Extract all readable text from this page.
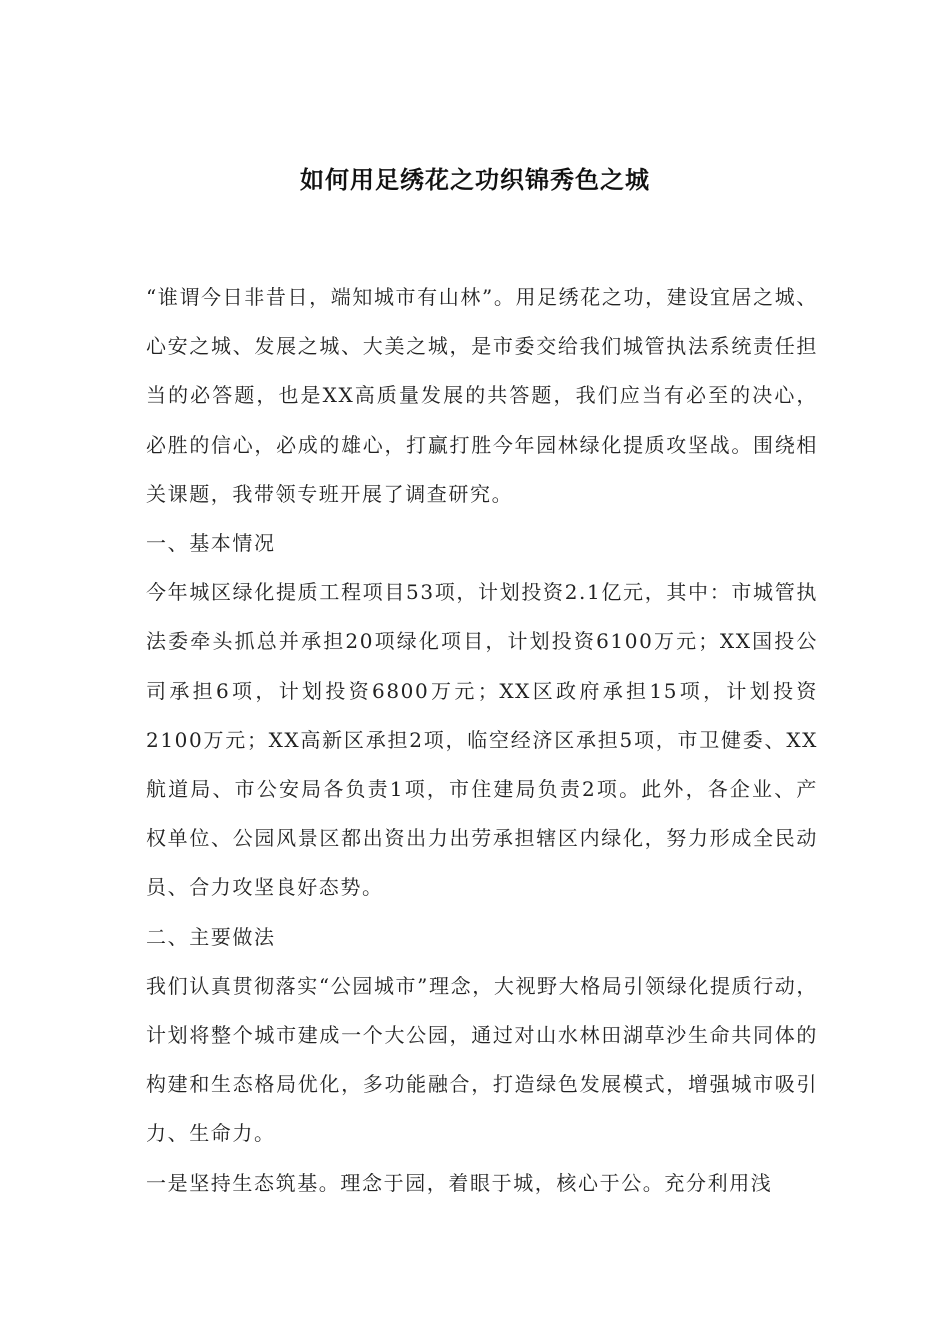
如何用足绣花之功织锦秀色之城

“谁谓今日非昔日，端知城市有山林”。用足绣花之功，建设宜居之城、心安之城、发展之城、大美之城，是市委交给我们城管执法系统责任担当的必答题，也是XX高质量发展的共答题，我们应当有必至的决心，必胜的信心，必成的雄心，打赢打胜今年园林绿化提质攻坚战。围绕相关课题，我带领专班开展了调查研究。

一、基本情况

今年城区绿化提质工程项目53项，计划投资2.1亿元，其中：市城管执法委牵头抓总并承担20项绿化项目，计划投资6100万元；XX国投公司承担6项，计划投资6800万元；XX区政府承担15项，计划投资2100万元；XX高新区承担2项，临空经济区承担5项，市卫健委、XX航道局、市公安局各负责1项，市住建局负责2项。此外，各企业、产权单位、公园风景区都出资出力出劳承担辖区内绿化，努力形成全民动员、合力攻坚良好态势。

二、主要做法

我们认真贯彻落实“公园城市”理念，大视野大格局引领绿化提质行动，计划将整个城市建成一个大公园，通过对山水林田湖草沙生命共同体的构建和生态格局优化，多功能融合，打造绿色发展模式，增强城市吸引力、生命力。

一是坚持生态筑基。理念于园，着眼于城，核心于公。充分利用浅
